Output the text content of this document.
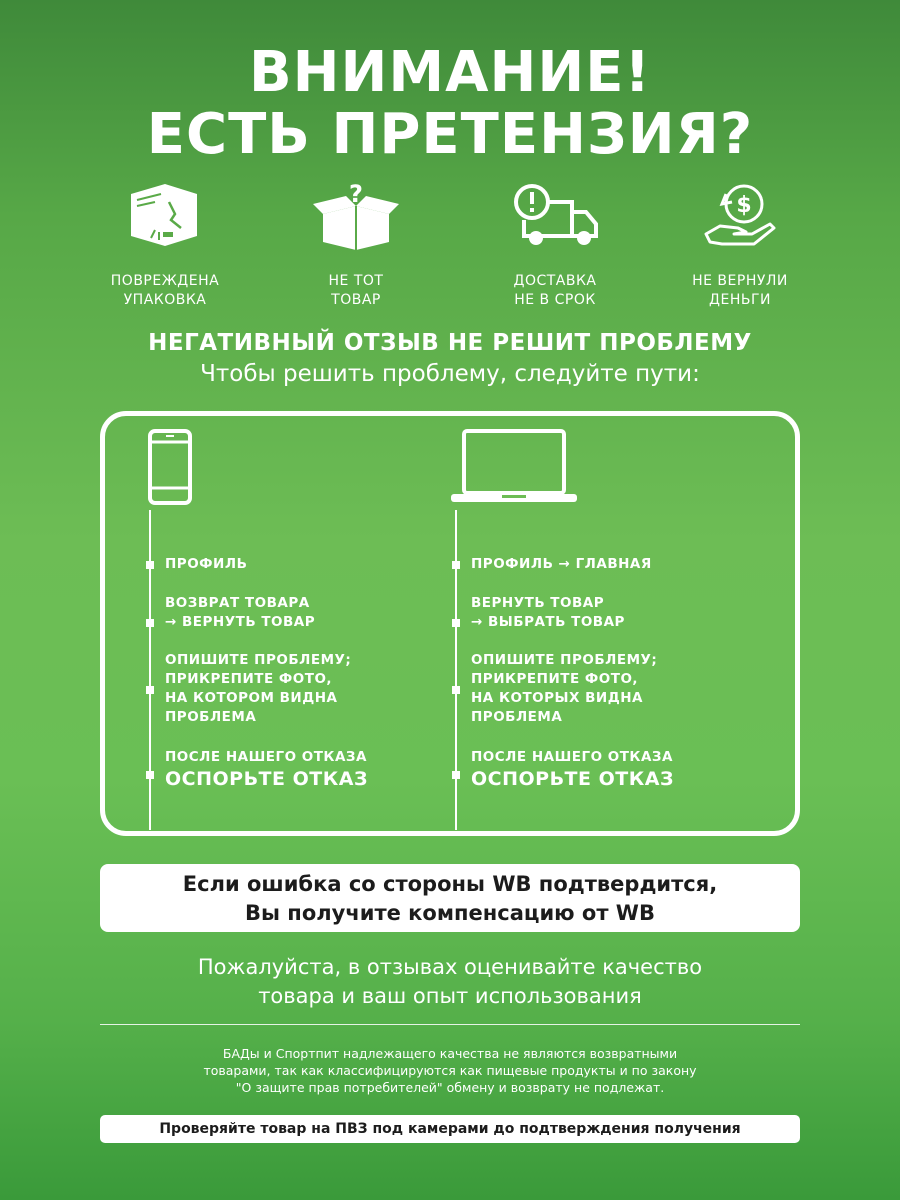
ВНИМАНИЕ!
ЕСТЬ ПРЕТЕНЗИЯ?
ПОВРЕЖДЕНА
УПАКОВКА
?
НЕ ТОТ
ТОВАР
ДОСТАВКА
НЕ В СРОК
$
НЕ ВЕРНУЛИ
ДЕНЬГИ
НЕГАТИВНЫЙ ОТЗЫВ НЕ РЕШИТ ПРОБЛЕМУ
Чтобы решить проблему, следуйте пути:
ПРОФИЛЬ
ВОЗВРАТ ТОВАРА
→ ВЕРНУТЬ ТОВАР
ОПИШИТЕ ПРОБЛЕМУ;
ПРИКРЕПИТЕ ФОТО,
НА КОТОРОМ ВИДНА
ПРОБЛЕМА
ПОСЛЕ НАШЕГО ОТКАЗА
ОСПОРЬТЕ ОТКАЗ
ПРОФИЛЬ → ГЛАВНАЯ
ВЕРНУТЬ ТОВАР
→ ВЫБРАТЬ ТОВАР
ОПИШИТЕ ПРОБЛЕМУ;
ПРИКРЕПИТЕ ФОТО,
НА КОТОРЫХ ВИДНА
ПРОБЛЕМА
ПОСЛЕ НАШЕГО ОТКАЗА
ОСПОРЬТЕ ОТКАЗ
Если ошибка со стороны WB подтвердится,
Вы получите компенсацию от WB
Пожалуйста, в отзывах оценивайте качество
товара и ваш опыт использования
БАДы и Спортпит надлежащего качества не являются возвратными
товарами, так как классифицируются как пищевые продукты и по закону
"О защите прав потребителей" обмену и возврату не подлежат.
Проверяйте товар на ПВЗ под камерами до подтверждения получения
